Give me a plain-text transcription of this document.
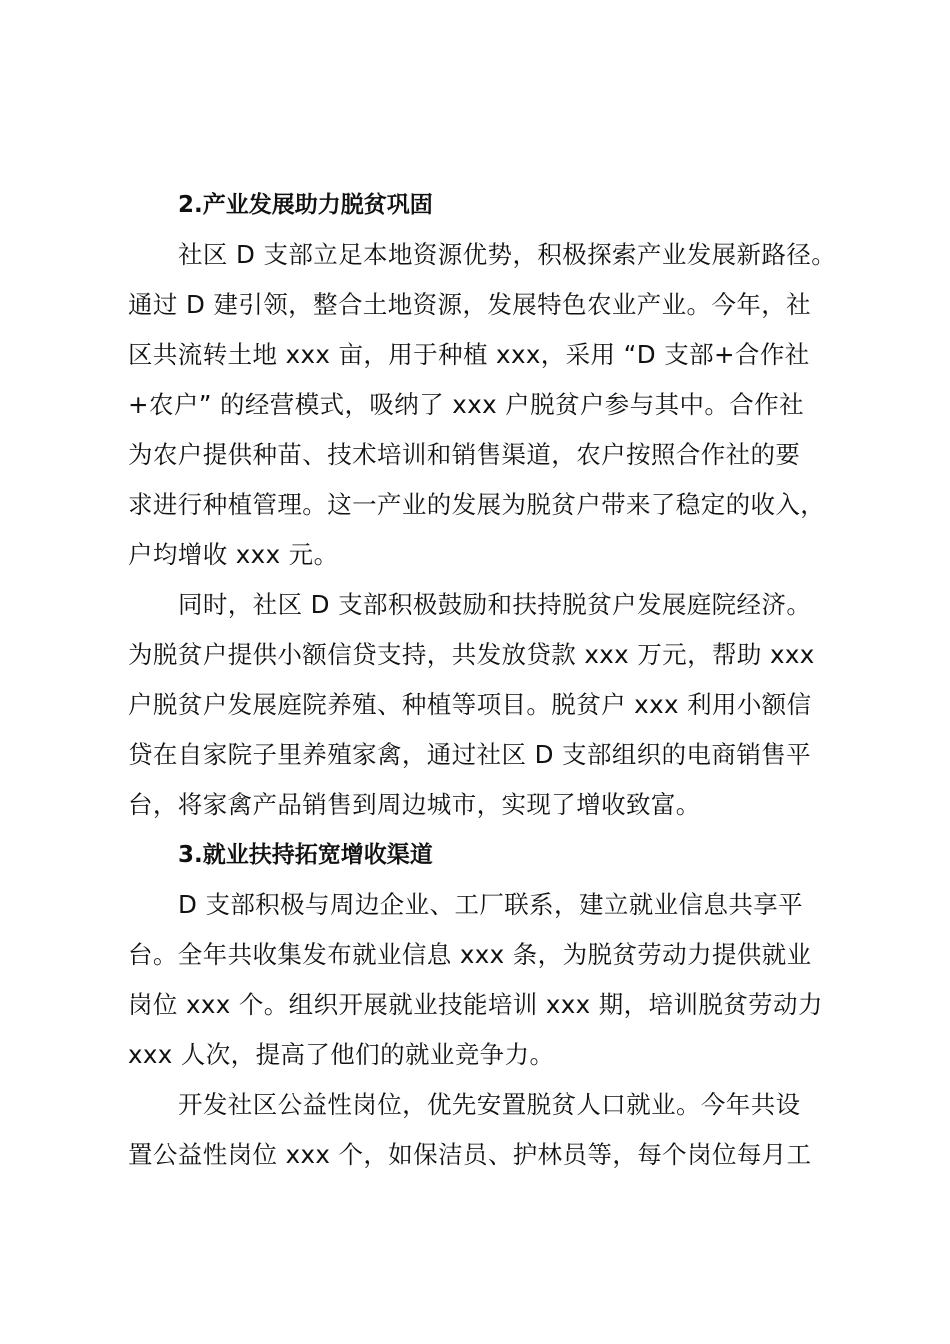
2.产业发展助力脱贫巩固
社区 D 支部立足本地资源优势，积极探索产业发展新路径。
通过 D 建引领，整合土地资源，发展特色农业产业。今年，社
区共流转土地 xxx 亩，用于种植 xxx，采用 “D 支部+合作社
+农户” 的经营模式，吸纳了 xxx 户脱贫户参与其中。合作社
为农户提供种苗、技术培训和销售渠道，农户按照合作社的要
求进行种植管理。这一产业的发展为脱贫户带来了稳定的收入，
户均增收 xxx 元。
同时，社区 D 支部积极鼓励和扶持脱贫户发展庭院经济。
为脱贫户提供小额信贷支持，共发放贷款 xxx 万元，帮助 xxx
户脱贫户发展庭院养殖、种植等项目。脱贫户 xxx 利用小额信
贷在自家院子里养殖家禽，通过社区 D 支部组织的电商销售平
台，将家禽产品销售到周边城市，实现了增收致富。
3.就业扶持拓宽增收渠道
D 支部积极与周边企业、工厂联系，建立就业信息共享平
台。全年共收集发布就业信息 xxx 条，为脱贫劳动力提供就业
岗位 xxx 个。组织开展就业技能培训 xxx 期，培训脱贫劳动力
xxx 人次，提高了他们的就业竞争力。
开发社区公益性岗位，优先安置脱贫人口就业。今年共设
置公益性岗位 xxx 个，如保洁员、护林员等，每个岗位每月工
